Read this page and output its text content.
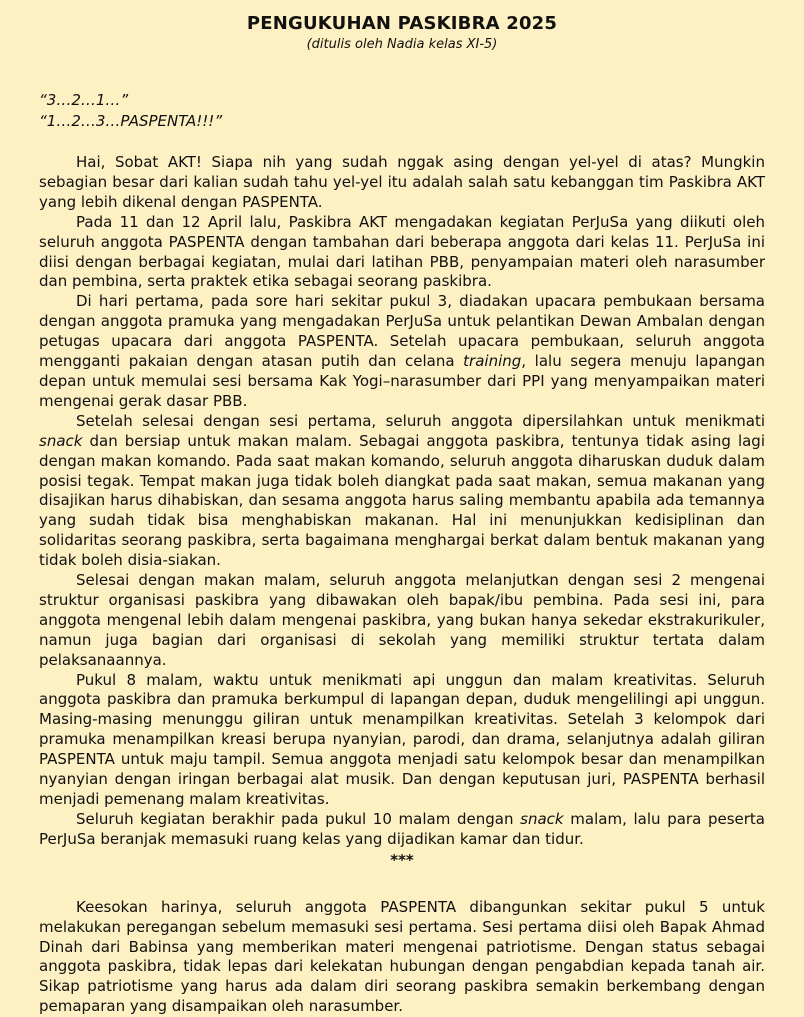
PENGUKUHAN PASKIBRA 2025

(ditulis oleh Nadia kelas XI-5)

“3…2…1…”

“1…2…3…PASPENTA!!!”

Hai, Sobat AKT! Siapa nih yang sudah nggak asing dengan yel-yel di atas? Mungkin sebagian besar dari kalian sudah tahu yel-yel itu adalah salah satu kebanggan tim Paskibra AKT yang lebih dikenal dengan PASPENTA.

Pada 11 dan 12 April lalu, Paskibra AKT mengadakan kegiatan PerJuSa yang diikuti oleh seluruh anggota PASPENTA dengan tambahan dari beberapa anggota dari kelas 11. PerJuSa ini diisi dengan berbagai kegiatan, mulai dari latihan PBB, penyampaian materi oleh narasumber dan pembina, serta praktek etika sebagai seorang paskibra.

Di hari pertama, pada sore hari sekitar pukul 3, diadakan upacara pembukaan bersama dengan anggota pramuka yang mengadakan PerJuSa untuk pelantikan Dewan Ambalan dengan petugas upacara dari anggota PASPENTA. Setelah upacara pembukaan, seluruh anggota mengganti pakaian dengan atasan putih dan celana training, lalu segera menuju lapangan depan untuk memulai sesi bersama Kak Yogi–narasumber dari PPI yang menyampaikan materi mengenai gerak dasar PBB.

Setelah selesai dengan sesi pertama, seluruh anggota dipersilahkan untuk menikmati snack dan bersiap untuk makan malam. Sebagai anggota paskibra, tentunya tidak asing lagi dengan makan komando. Pada saat makan komando, seluruh anggota diharuskan duduk dalam posisi tegak. Tempat makan juga tidak boleh diangkat pada saat makan, semua makanan yang disajikan harus dihabiskan, dan sesama anggota harus saling membantu apabila ada temannya yang sudah tidak bisa menghabiskan makanan. Hal ini menunjukkan kedisiplinan dan solidaritas seorang paskibra, serta bagaimana menghargai berkat dalam bentuk makanan yang tidak boleh disia-siakan.

Selesai dengan makan malam, seluruh anggota melanjutkan dengan sesi 2 mengenai struktur organisasi paskibra yang dibawakan oleh bapak/ibu pembina. Pada sesi ini, para anggota mengenal lebih dalam mengenai paskibra, yang bukan hanya sekedar ekstrakurikuler, namun juga bagian dari organisasi di sekolah yang memiliki struktur tertata dalam pelaksanaannya.

Pukul 8 malam, waktu untuk menikmati api unggun dan malam kreativitas. Seluruh anggota paskibra dan pramuka berkumpul di lapangan depan, duduk mengelilingi api unggun. Masing-masing menunggu giliran untuk menampilkan kreativitas. Setelah 3 kelompok dari pramuka menampilkan kreasi berupa nyanyian, parodi, dan drama, selanjutnya adalah giliran PASPENTA untuk maju tampil. Semua anggota menjadi satu kelompok besar dan menampilkan nyanyian dengan iringan berbagai alat musik. Dan dengan keputusan juri, PASPENTA berhasil menjadi pemenang malam kreativitas.

Seluruh kegiatan berakhir pada pukul 10 malam dengan snack malam, lalu para peserta PerJuSa beranjak memasuki ruang kelas yang dijadikan kamar dan tidur.

***

Keesokan harinya, seluruh anggota PASPENTA dibangunkan sekitar pukul 5 untuk melakukan peregangan sebelum memasuki sesi pertama. Sesi pertama diisi oleh Bapak Ahmad Dinah dari Babinsa yang memberikan materi mengenai patriotisme. Dengan status sebagai anggota paskibra, tidak lepas dari kelekatan hubungan dengan pengabdian kepada tanah air. Sikap patriotisme yang harus ada dalam diri seorang paskibra semakin berkembang dengan pemaparan yang disampaikan oleh narasumber.
